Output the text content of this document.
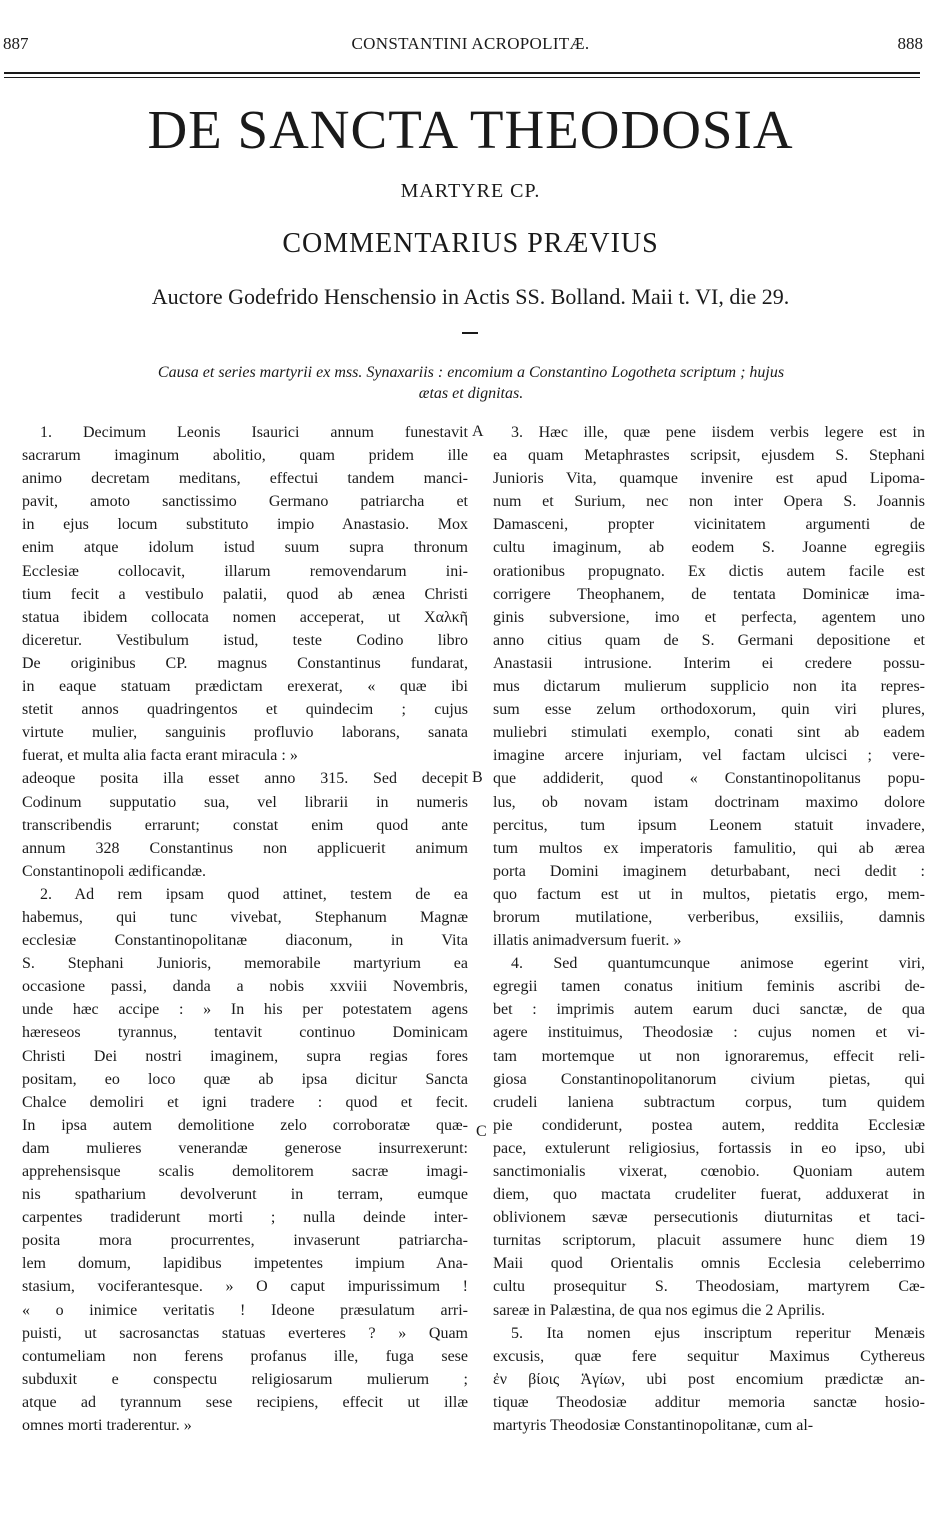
887	CONSTANTINI ACROPOLITÆ.	888
DE SANCTA THEODOSIA
MARTYRE CP.
COMMENTARIUS PRÆVIUS
Auctore Godefrido Henschensio in Actis SS. Bolland. Maii t. VI, die 29.
Causa et series martyrii ex mss. Synaxariis : encomium a Constantino Logotheta scriptum ; hujus
ætas et dignitas.
1. Decimum Leonis Isaurici annum funestavit
sacrarum imaginum abolitio, quam pridem ille
animo decretam meditans, effectui tandem manci-
pavit, amoto sanctissimo Germano patriarcha et
in ejus locum substituto impio Anastasio. Mox
enim atque idolum istud suum supra thronum
Ecclesiæ collocavit, illarum removendarum ini-
tium fecit a vestibulo palatii, quod ab ænea Christi
statua ibidem collocata nomen acceperat, ut Χαλκῆ
diceretur. Vestibulum istud, teste Codino libro
De originibus CP. magnus Constantinus fundarat,
in eaque statuam prædictam erexerat, « quæ ibi
stetit annos quadringentos et quindecim ; cujus
virtute mulier, sanguinis profluvio laborans, sanata
fuerat, et multa alia facta erant miracula : »
adeoque posita illa esset anno 315. Sed decepit
Codinum supputatio sua, vel librarii in numeris
transcribendis errarunt; constat enim quod ante
annum 328 Constantinus non applicuerit animum
Constantinopoli ædificandæ.
2. Ad rem ipsam quod attinet, testem de ea
habemus, qui tunc vivebat, Stephanum Magnæ
ecclesiæ Constantinopolitanæ diaconum, in Vita
S. Stephani Junioris, memorabile martyrium ea
occasione passi, danda a nobis xxviii Novembris,
unde hæc accipe : » In his per potestatem agens
hæreseos tyrannus, tentavit continuo Dominicam
Christi Dei nostri imaginem, supra regias fores
positam, eo loco quæ ab ipsa dicitur Sancta
Chalce demoliri et igni tradere : quod et fecit.
In ipsa autem demolitione zelo corroboratæ quæ-
dam mulieres venerandæ generose insurrexerunt:
apprehensisque scalis demolitorem sacræ imagi-
nis spatharium devolverunt in terram, eumque
carpentes tradiderunt morti ; nulla deinde inter-
posita mora procurrentes, invaserunt patriarcha-
lem domum, lapidibus impetentes impium Ana-
stasium, vociferantesque. » O caput impurissimum !
« o inimice veritatis ! Ideone præsulatum arri-
puisti, ut sacrosanctas statuas everteres ? » Quam
contumeliam non ferens profanus ille, fuga sese
subduxit e conspectu religiosarum mulierum ;
atque ad tyrannum sese recipiens, effecit ut illæ
omnes morti traderentur. »
3. Hæc ille, quæ pene iisdem verbis legere est in
ea quam Metaphrastes scripsit, ejusdem S. Stephani
Junioris Vita, quamque invenire est apud Lipoma-
num et Surium, nec non inter Opera S. Joannis
Damasceni, propter vicinitatem argumenti de
cultu imaginum, ab eodem S. Joanne egregiis
orationibus propugnato. Ex dictis autem facile est
corrigere Theophanem, de tentata Dominicæ ima-
ginis subversione, imo et perfecta, agentem uno
anno citius quam de S. Germani depositione et
Anastasii intrusione. Interim ei credere possu-
mus dictarum mulierum supplicio non ita repres-
sum esse zelum orthodoxorum, quin viri plures,
muliebri stimulati exemplo, conati sint ab eadem
imagine arcere injuriam, vel factam ulcisci ; vere-
que addiderit, quod « Constantinopolitanus popu-
lus, ob novam istam doctrinam maximo dolore
percitus, tum ipsum Leonem statuit invadere,
tum multos ex imperatoris famulitio, qui ab ærea
porta Domini imaginem deturbabant, neci dedit :
quo factum est ut in multos, pietatis ergo, mem-
brorum mutilatione, verberibus, exsiliis, damnis
illatis animadversum fuerit. »
4. Sed quantumcunque animose egerint viri,
egregii tamen conatus initium feminis ascribi de-
bet : imprimis autem earum duci sanctæ, de qua
agere instituimus, Theodosiæ : cujus nomen et vi-
tam mortemque ut non ignoraremus, effecit reli-
giosa Constantinopolitanorum civium pietas, qui
crudeli laniena subtractum corpus, tum quidem
pie condiderunt, postea autem, reddita Ecclesiæ
pace, extulerunt religiosius, fortassis in eo ipso, ubi
sanctimonialis vixerat, cœnobio. Quoniam autem
diem, quo mactata crudeliter fuerat, adduxerat in
oblivionem sævæ persecutionis diuturnitas et taci-
turnitas scriptorum, placuit assumere hunc diem 19
Maii quod Orientalis omnis Ecclesia celeberrimo
cultu prosequitur S. Theodosiam, martyrem Cæ-
sareæ in Palæstina, de qua nos egimus die 2 Aprilis.
5. Ita nomen ejus inscriptum reperitur Menæis
excusis, quæ fere sequitur Maximus Cythereus
ἐν βίοις Ἁγίων, ubi post encomium prædictæ an-
tiquæ Theodosiæ additur memoria sanctæ hosio-
martyris Theodosiæ Constantinopolitanæ, cum al-
A
B
C
